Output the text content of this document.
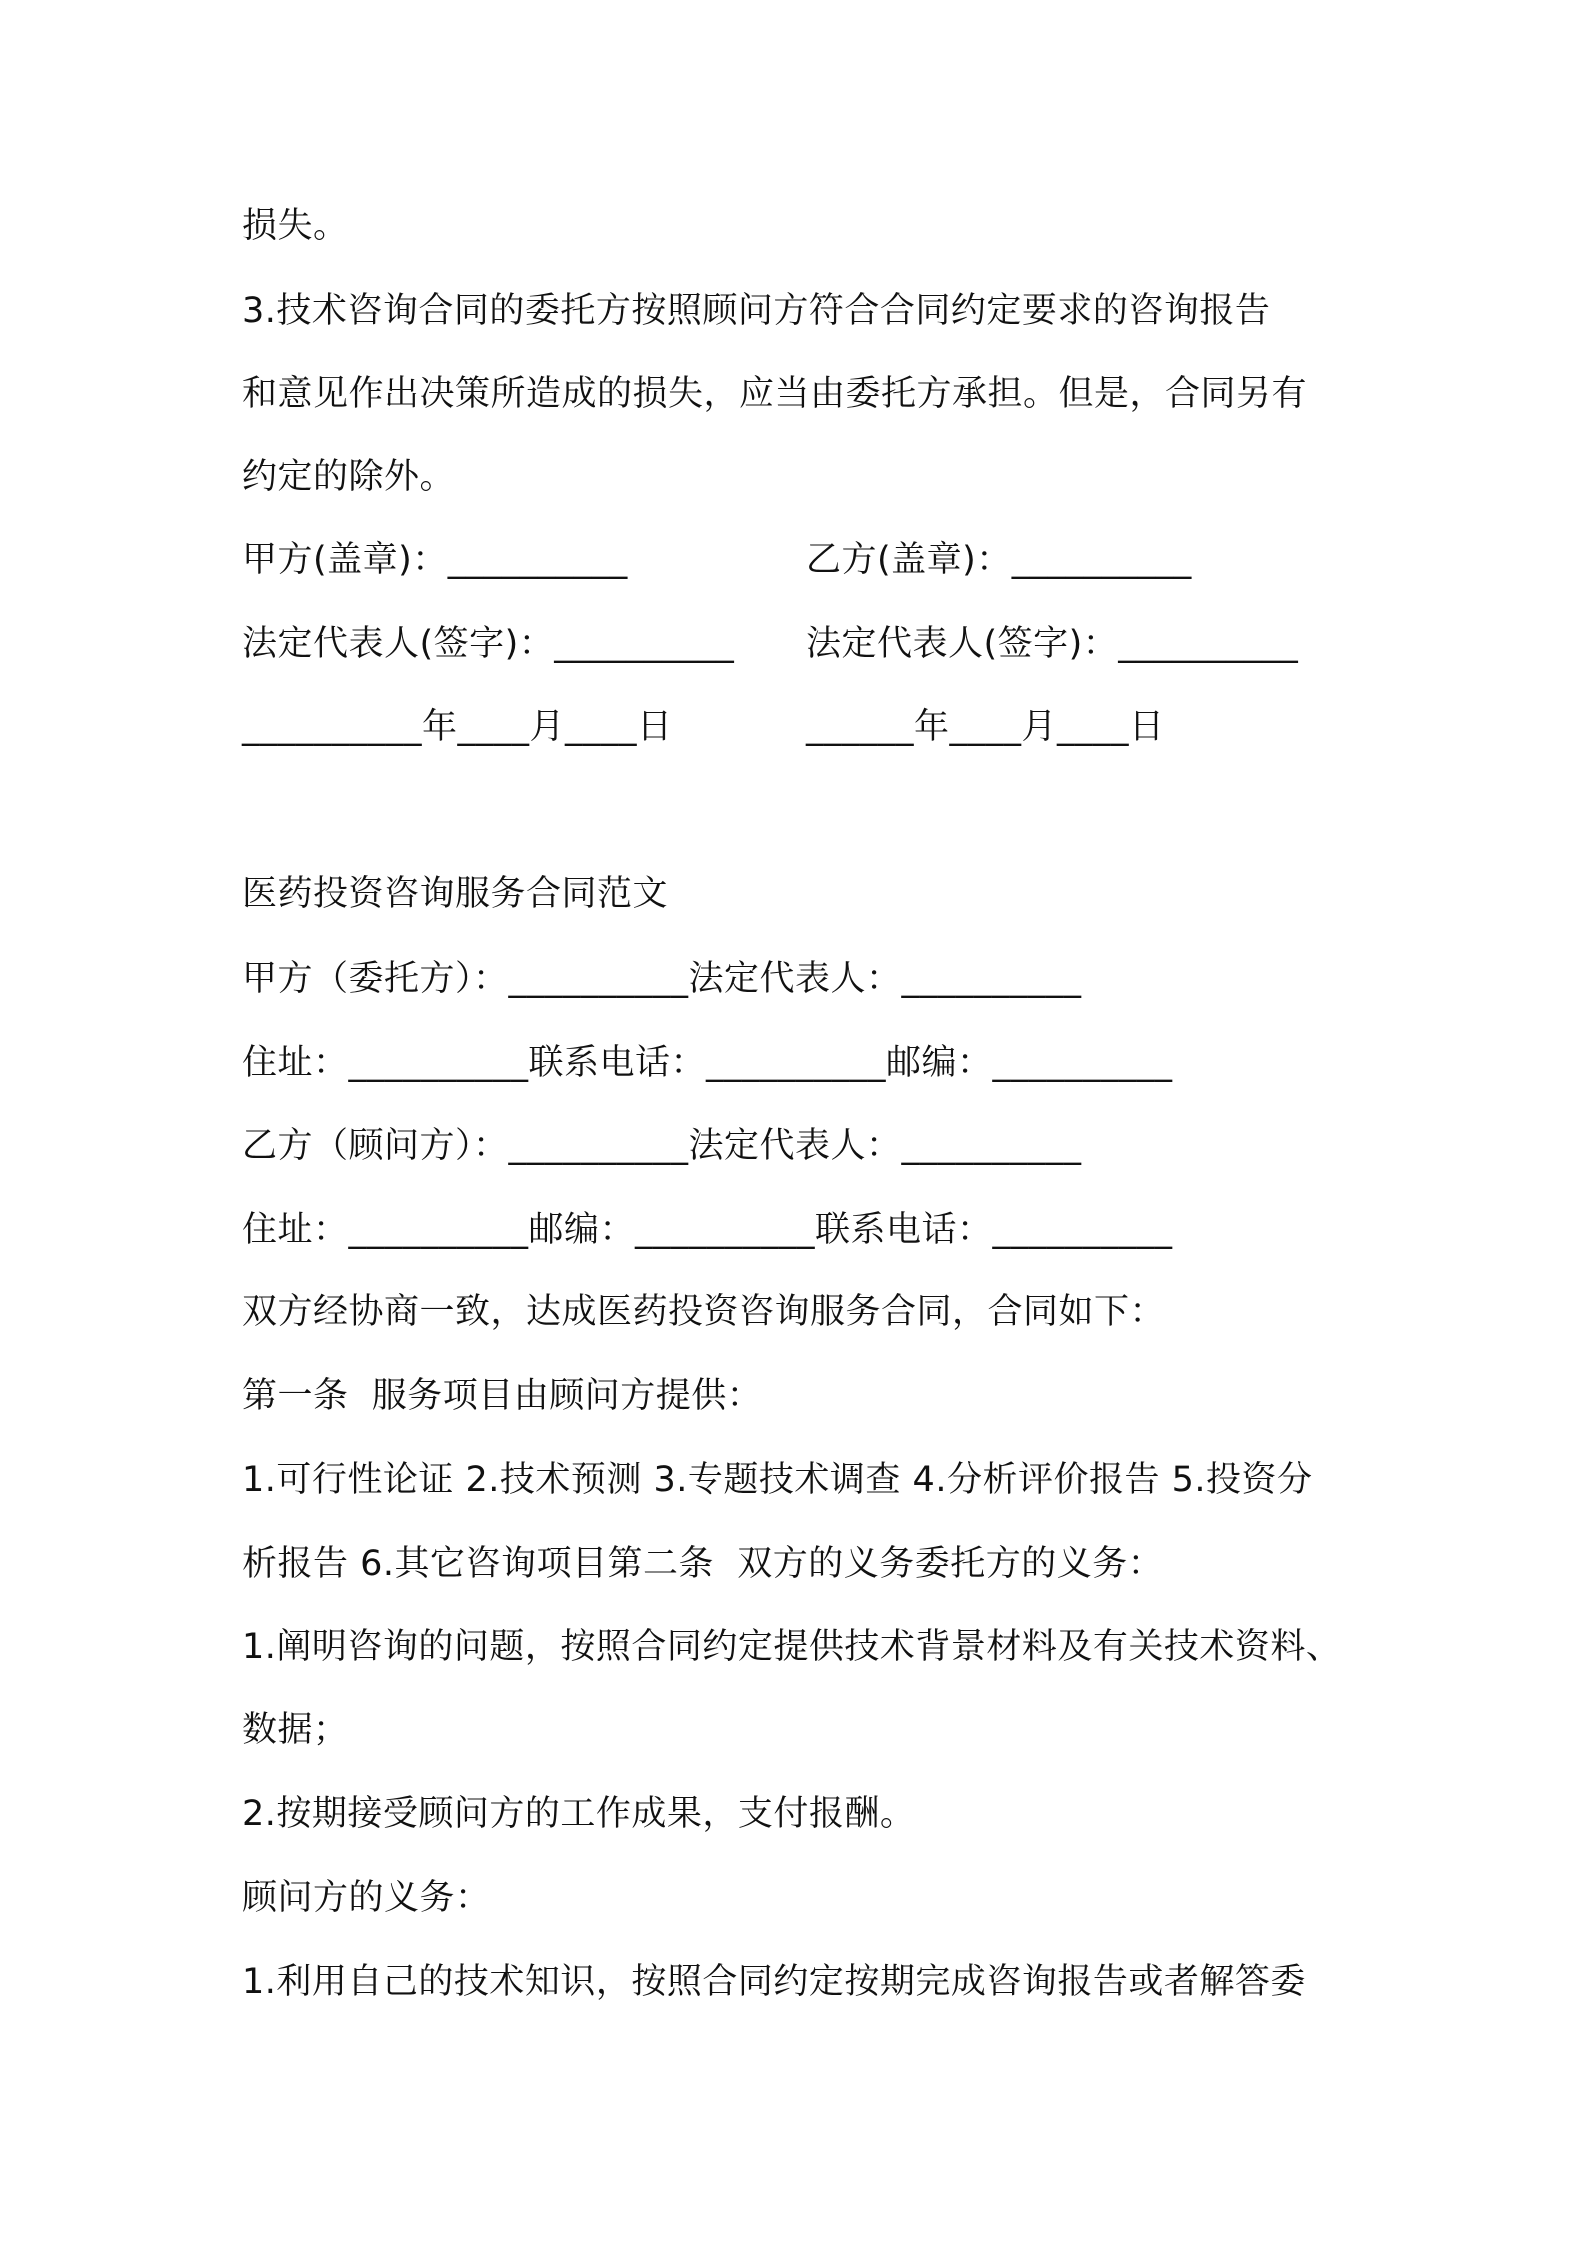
损失。

3.技术咨询合同的委托方按照顾问方符合合同约定要求的咨询报告

和意见作出决策所造成的损失，应当由委托方承担。但是，合同另有

约定的除外。

甲方(盖章)：__________	乙方(盖章)：__________

法定代表人(签字)：__________ 法定代表人(签字)：__________

__________年____月____日	______年____月____日

医药投资咨询服务合同范文

甲方（委托方）：__________法定代表人：__________

住址：__________联系电话：__________邮编：__________

乙方（顾问方）：__________法定代表人：__________

住址：__________邮编：__________联系电话：__________

双方经协商一致，达成医药投资咨询服务合同，合同如下：

第一条  服务项目由顾问方提供：

1.可行性论证 2.技术预测 3.专题技术调查 4.分析评价报告 5.投资分

析报告 6.其它咨询项目第二条  双方的义务委托方的义务：

1.阐明咨询的问题，按照合同约定提供技术背景材料及有关技术资料、

数据；

2.按期接受顾问方的工作成果，支付报酬。

顾问方的义务：

1.利用自己的技术知识，按照合同约定按期完成咨询报告或者解答委
